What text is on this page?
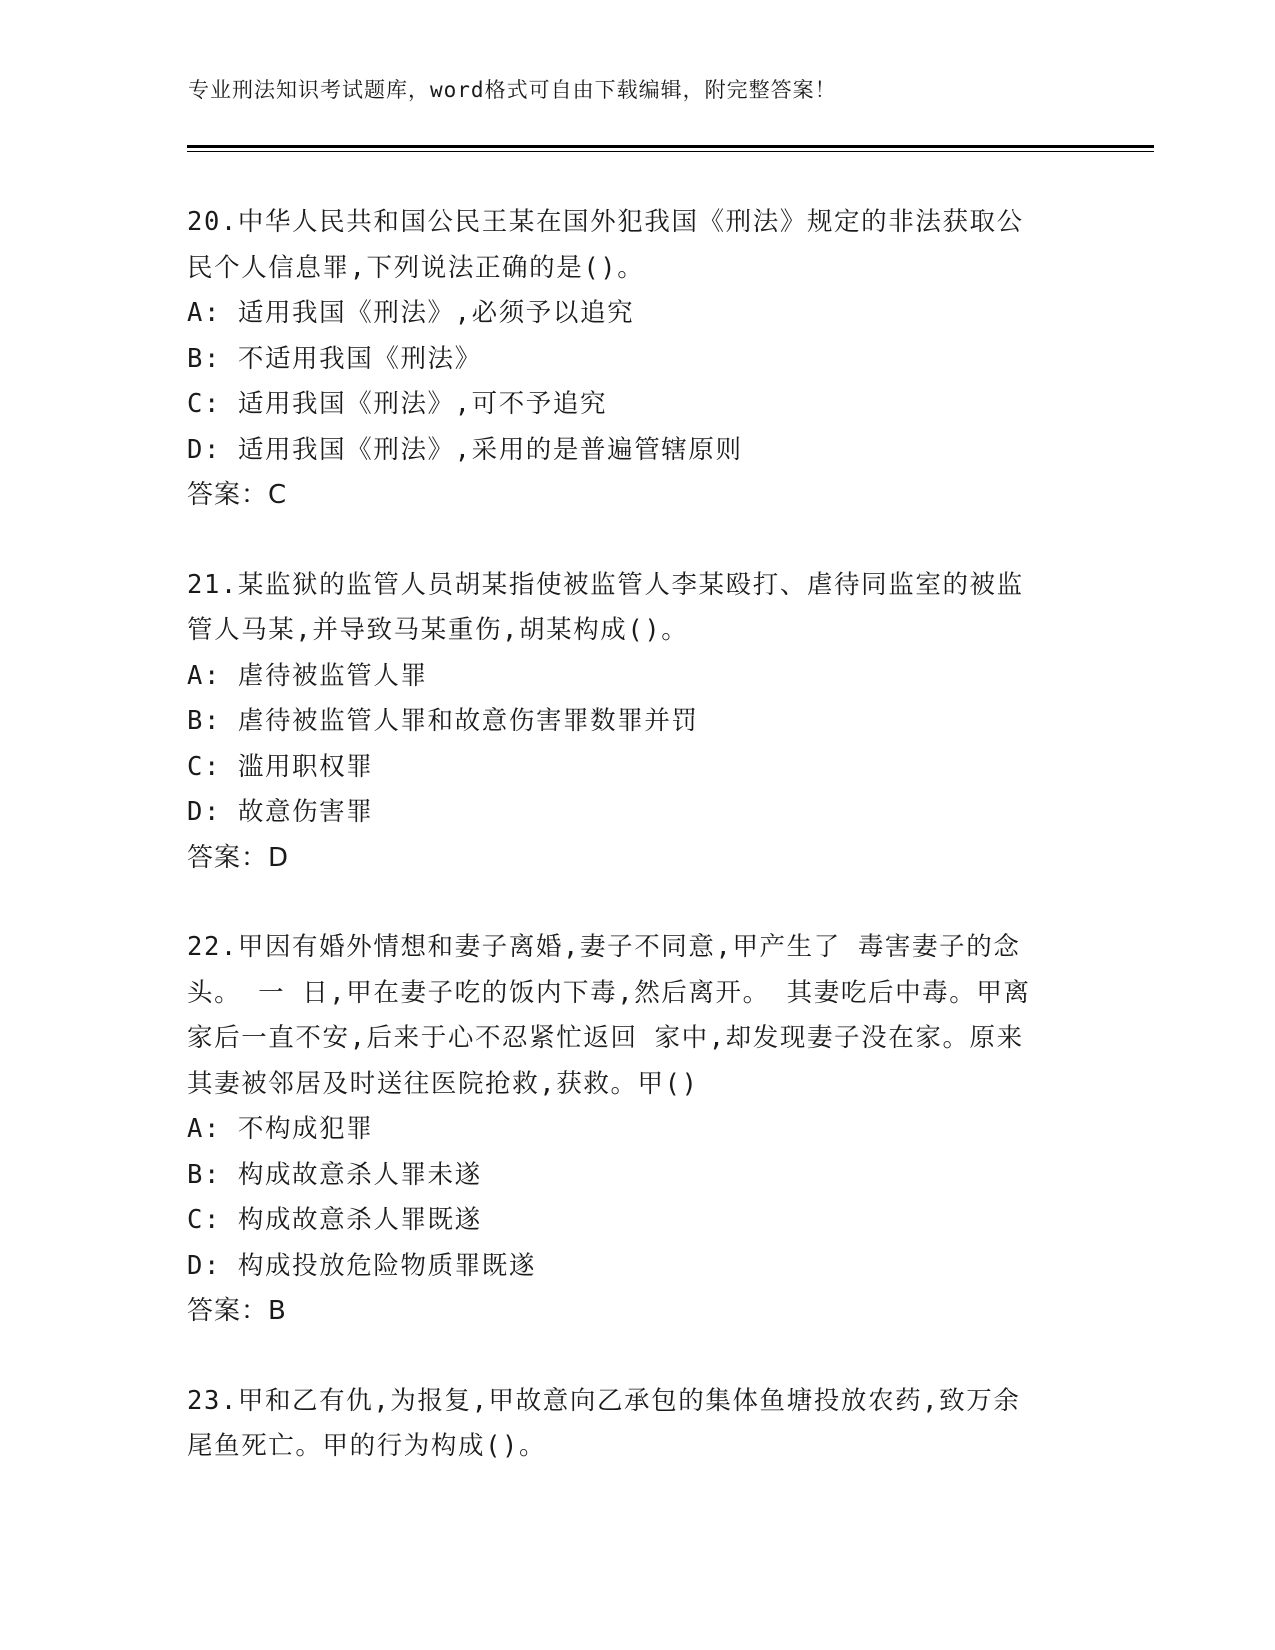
专业刑法知识考试题库，word格式可自由下载编辑，附完整答案！
20.中华人民共和国公民王某在国外犯我国《刑法》规定的非法获取公
民个人信息罪,下列说法正确的是()。
A: 适用我国《刑法》,必须予以追究
B: 不适用我国《刑法》
C: 适用我国《刑法》,可不予追究
D: 适用我国《刑法》,采用的是普遍管辖原则
答案：C
21.某监狱的监管人员胡某指使被监管人李某殴打、虐待同监室的被监
管人马某,并导致马某重伤,胡某构成()。
A: 虐待被监管人罪
B: 虐待被监管人罪和故意伤害罪数罪并罚
C: 滥用职权罪
D: 故意伤害罪
答案：D
22.甲因有婚外情想和妻子离婚,妻子不同意,甲产生了 毒害妻子的念
头。 一 日,甲在妻子吃的饭内下毒,然后离开。 其妻吃后中毒。甲离
家后一直不安,后来于心不忍紧忙返回 家中,却发现妻子没在家。原来
其妻被邻居及时送往医院抢救,获救。甲()
A: 不构成犯罪
B: 构成故意杀人罪未遂
C: 构成故意杀人罪既遂
D: 构成投放危险物质罪既遂
答案：B
23.甲和乙有仇,为报复,甲故意向乙承包的集体鱼塘投放农药,致万余
尾鱼死亡。甲的行为构成()。
